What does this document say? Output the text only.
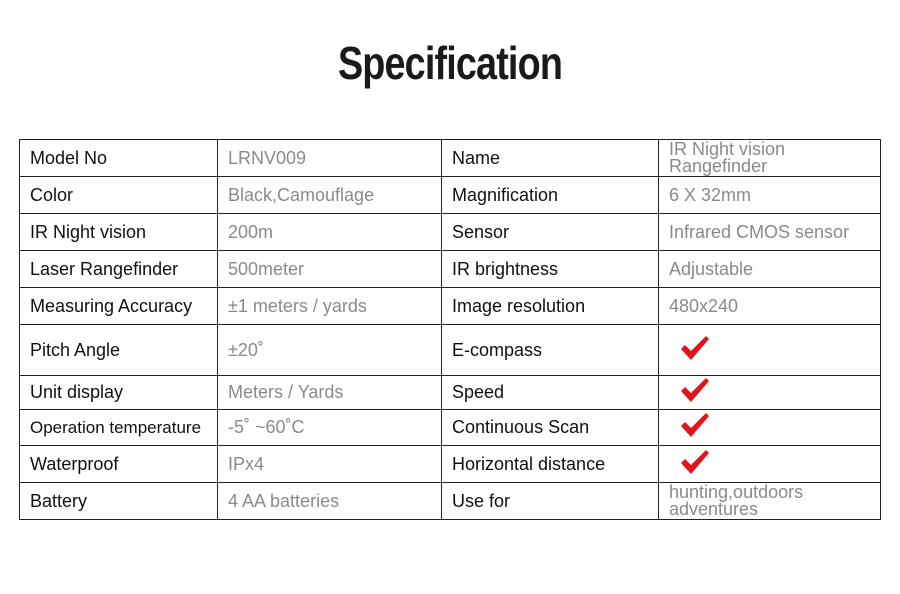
Specification
Model No	LRNV009	Name	IR Night vision Rangefinder
Color	Black,Camouflage	Magnification	6 X 32mm
IR Night vision	200m	Sensor	Infrared CMOS sensor
Laser Rangefinder	500meter	IR brightness	Adjustable
Measuring Accuracy	±1 meters / yards	Image resolution	480x240
Pitch Angle	±20˚	E-compass	
Unit display	Meters / Yards	Speed	
Operation temperature	-5˚ ~60˚C	Continuous Scan	
Waterproof	IPx4	Horizontal distance	
Battery	4 AA batteries	Use for	hunting,outdoors adventures
